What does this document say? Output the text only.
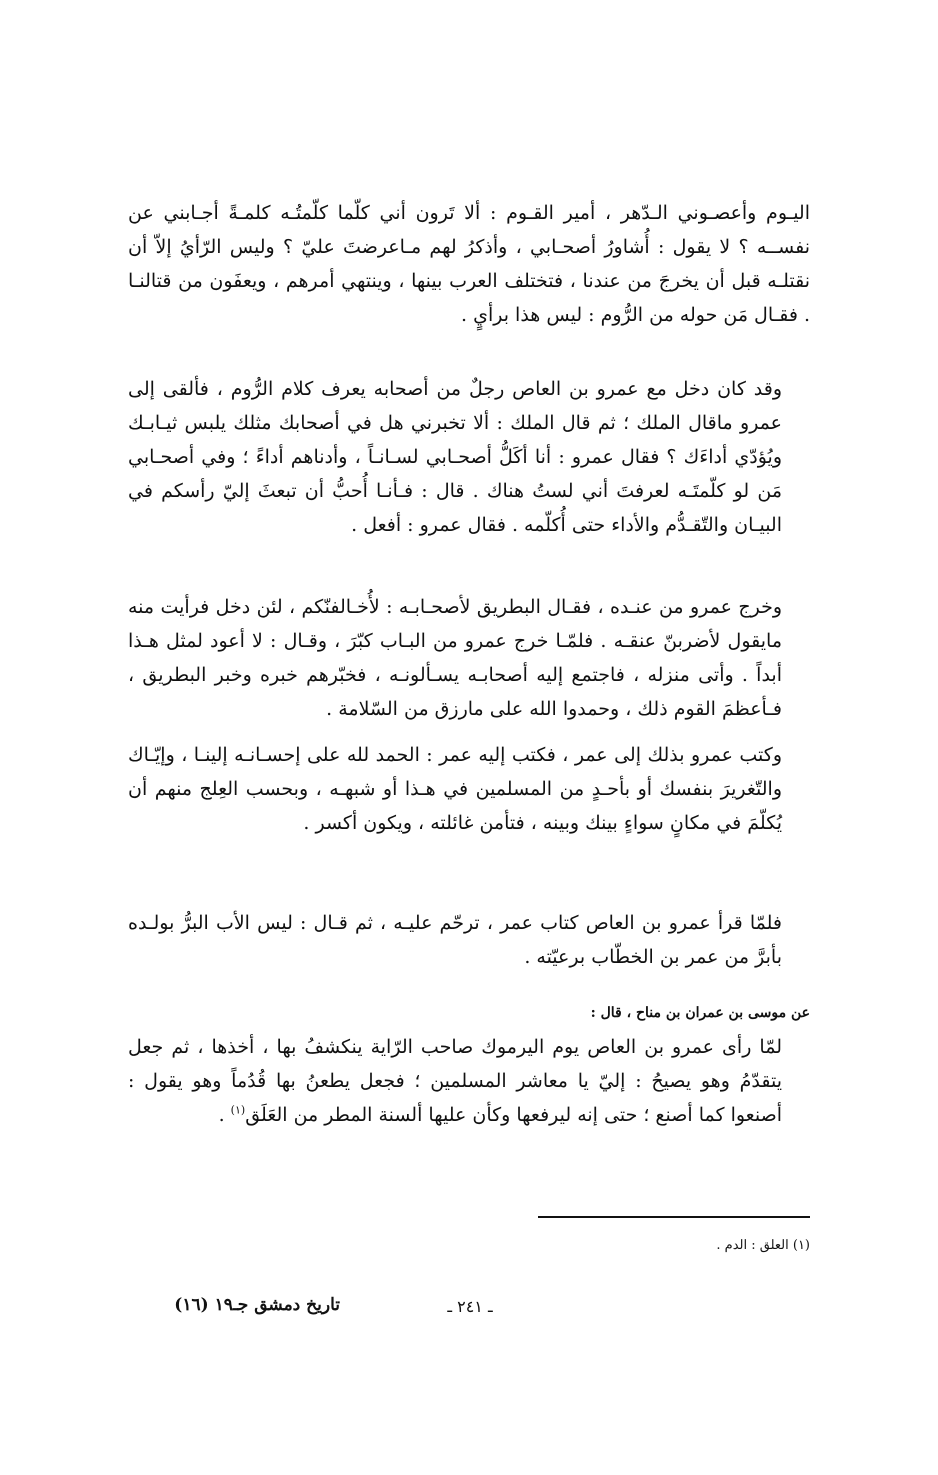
اليـوم وأعصـوني الـدّهر ، أمير القـوم : ألا تَرون أني كلّما كلّمتُـه كلمـةً أجـابني عن نفســه ؟ لا يقول : أُشاورُ أصحـابي ، وأذكرُ لهم مـاعرضتَ عليّ ؟ وليس الرّأيُ إلاّ أن نقتلـه قبل أن يخرجَ من عندنا ، فتختلف العرب بينها ، وينتهي أمرهم ، ويعفَون من قتالنـا . فقـال مَن حوله من الرُّوم : ليس هذا برأيٍ .

وقد كان دخل مع عمرو بن العاص رجلٌ من أصحابه يعرف كلام الرُّوم ، فألقى إلى عمرو ماقال الملك ؛ ثم قال الملك : ألا تخبرني هل في أصحابك مثلك يلبس ثيـابـك ويُؤدّي أداءَك ؟ فقال عمرو : أنا أكَلُّ أصحـابي لسـانـاً ، وأدناهم أداءً ؛ وفي أصحـابي مَن لو كلّمتَـه لعرفتَ أني لستُ هناك . قال : فـأنـا أُحبُّ أن تبعثَ إليّ رأسكم في البيـان والتّقـدُّم والأداء حتى أُكلّمه . فقال عمرو : أفعل .

وخرج عمرو من عنـده ، فقـال البطريق لأصحـابـه : لأُخـالفنّكم ، لئن دخل فرأيت منه مايقول لأضربنّ عنقـه . فلمّـا خرج عمرو من البـاب كبّرَ ، وقـال : لا أعود لمثل هـذا أبداً . وأتى منزله ، فاجتمع إليه أصحابـه يسـألونـه ، فخبّرهم خبره وخبر البطريق ، فـأعظمَ القوم ذلك ، وحمدوا الله على مارزق من السّلامة .

وكتب عمرو بذلك إلى عمر ، فكتب إليه عمر : الحمد لله على إحسـانـه إلينـا ، وإيّـاك والتّغريرَ بنفسك أو بأحـدٍ من المسلمين في هـذا أو شبهـه ، وبحسب العِلج منهم أن يُكلّمَ في مكانٍ سواءٍ بينك وبينه ، فتأمن غائلته ، ويكون أكسر .

فلمّا قرأ عمرو بن العاص كتاب عمر ، ترحّم عليـه ، ثم قـال : ليس الأب البرُّ بولـده بأبرَّ من عمر بن الخطّاب برعيّته .

عن موسى بن عمران بن مناح ، قال :

لمّا رأى عمرو بن العاص يوم اليرموك صاحب الرّاية ينكشفُ بها ، أخذها ، ثم جعل يتقدّمُ وهو يصيحُ : إليّ يا معاشر المسلمين ؛ فجعل يطعنُ بها قُدُماً وهو يقول : أصنعوا كما أصنع ؛ حتى إنه ليرفعها وكأن عليها ألسنة المطر من العَلَق$^{(١)}$ .

(١) العلق : الدم .
تاريخ دمشق جـ١٩ (١٦)	ـ ٢٤١ ـ
